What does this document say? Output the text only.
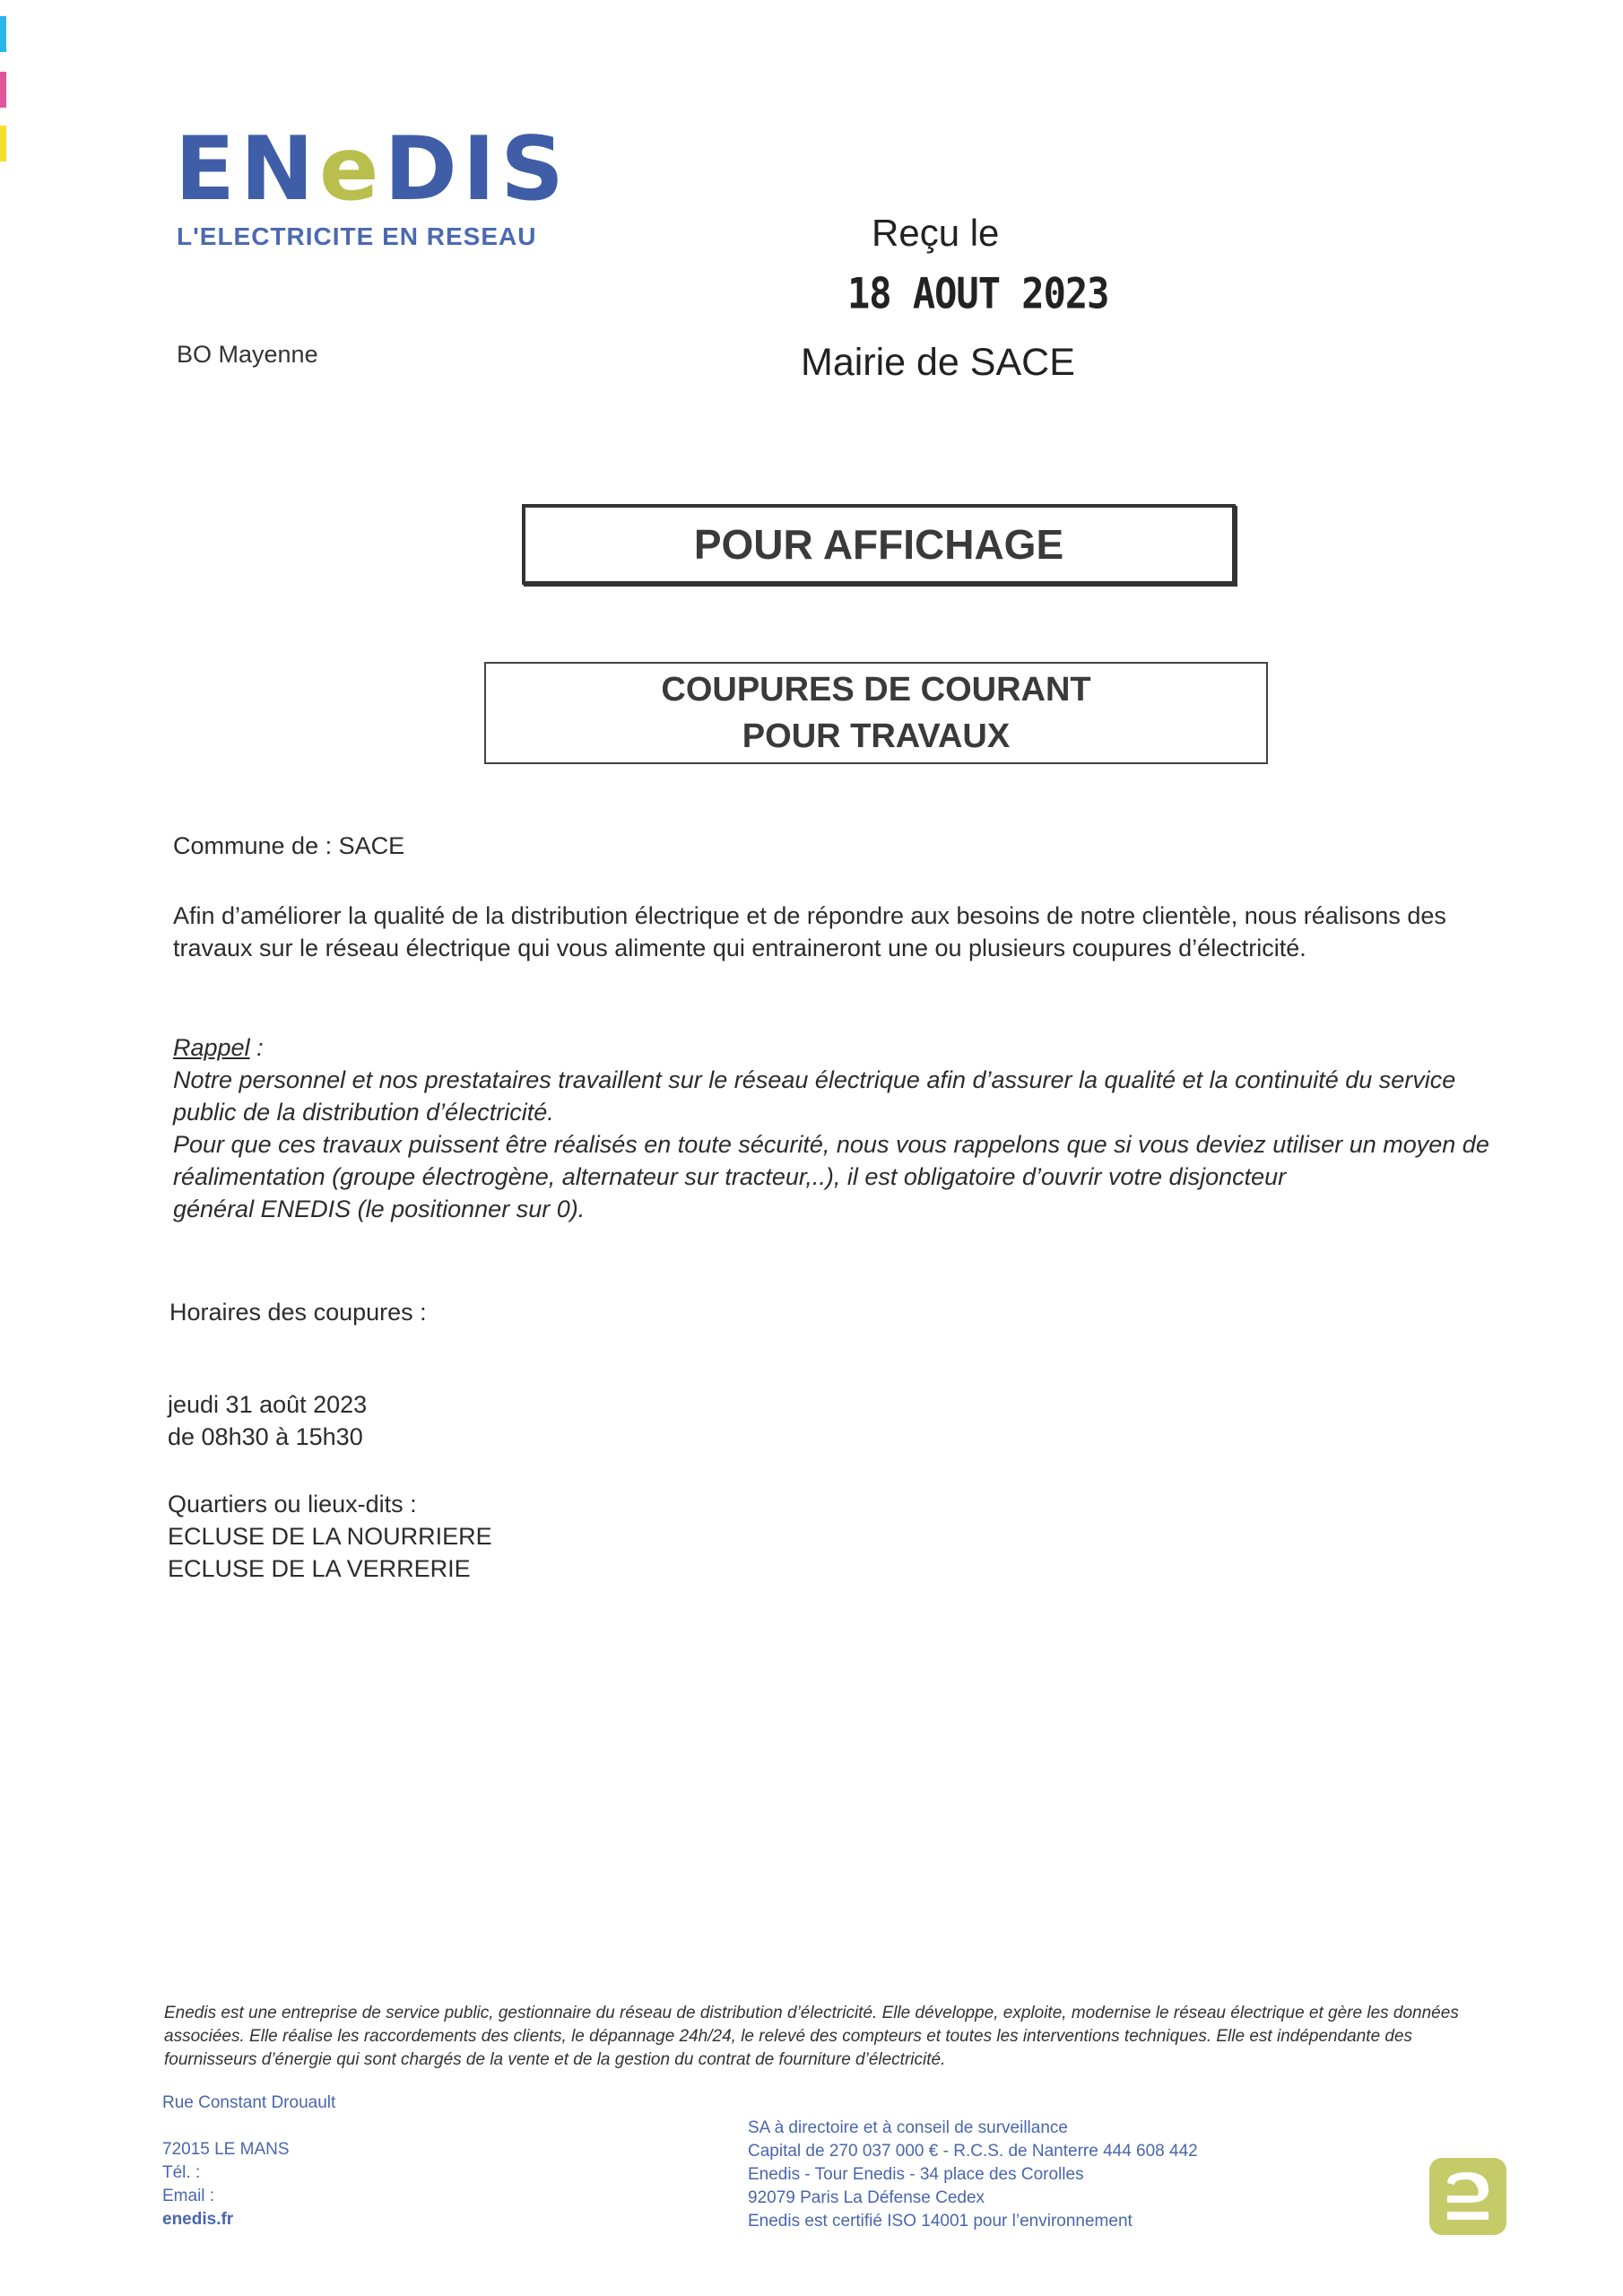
ENeDIS
L'ELECTRICITE EN RESEAU
BO Mayenne
Reçu le
18 AOUT 2023
Mairie de SACE
POUR AFFICHAGE
COUPURES DE COURANT
POUR TRAVAUX
Commune de : SACE
Afin d’améliorer la qualité de la distribution électrique et de répondre aux besoins de notre clientèle, nous réalisons des
travaux sur le réseau électrique qui vous alimente qui entraineront une ou plusieurs coupures d’électricité.
Rappel :
Notre personnel et nos prestataires travaillent sur le réseau électrique afin d’assurer la qualité et la continuité du service
public de la distribution d’électricité.
Pour que ces travaux puissent être réalisés en toute sécurité, nous vous rappelons que si vous deviez utiliser un moyen de
réalimentation (groupe électrogène, alternateur sur tracteur,..), il est obligatoire d’ouvrir votre disjoncteur
général ENEDIS (le positionner sur 0).
Horaires des coupures :
jeudi 31 août 2023
de 08h30 à 15h30
Quartiers ou lieux-dits :
ECLUSE DE LA NOURRIERE
ECLUSE DE LA VERRERIE
Enedis est une entreprise de service public, gestionnaire du réseau de distribution d’électricité. Elle développe, exploite, modernise le réseau électrique et gère les données
associées. Elle réalise les raccordements des clients, le dépannage 24h/24, le relevé des compteurs et toutes les interventions techniques. Elle est indépendante des
fournisseurs d’énergie qui sont chargés de la vente et de la gestion du contrat de fourniture d’électricité.
Rue Constant Drouault
72015 LE MANS
Tél. :
Email :
enedis.fr
SA à directoire et à conseil de surveillance
Capital de 270 037 000 € - R.C.S. de Nanterre 444 608 442
Enedis - Tour Enedis - 34 place des Corolles
92079 Paris La Défense Cedex
Enedis est certifié ISO 14001 pour l’environnement
